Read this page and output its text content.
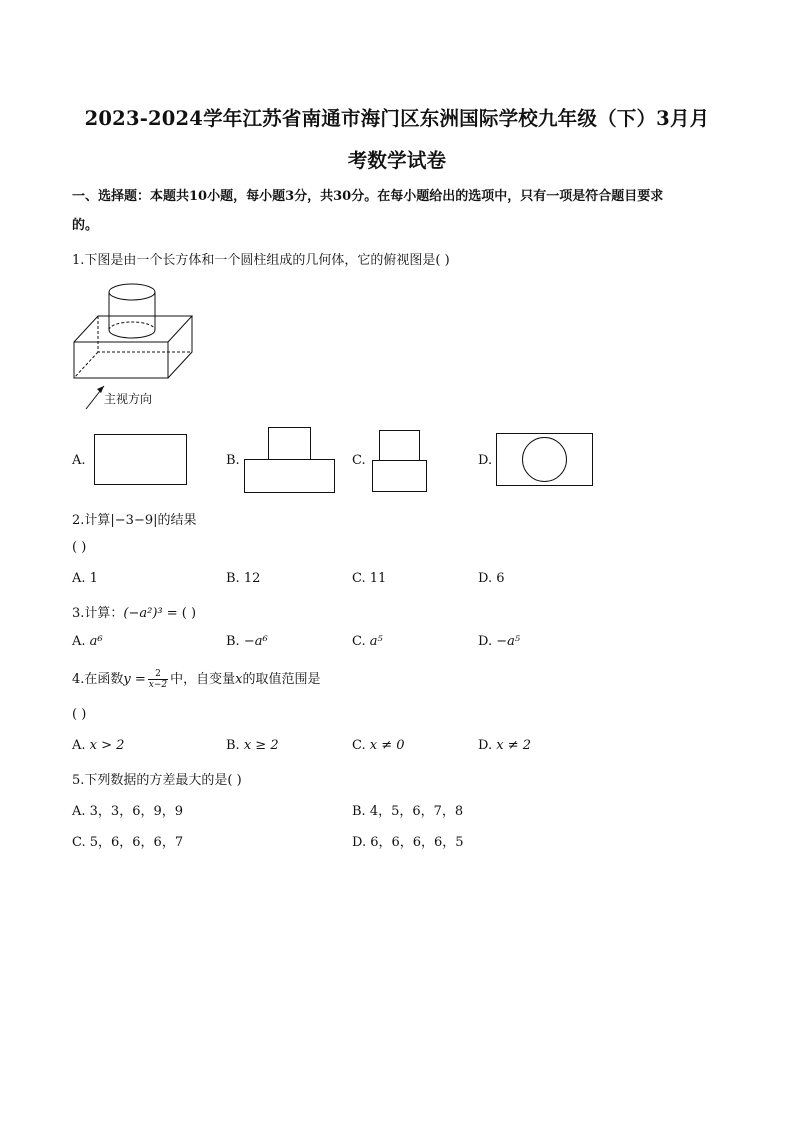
2023-2024学年江苏省南通市海门区东洲国际学校九年级（下）3月月
考数学试卷
一、选择题：本题共10小题，每小题3分，共30分。在每小题给出的选项中，只有一项是符合题目要求
的。
1.下图是由一个长方体和一个圆柱组成的几何体，它的俯视图是( )
主视方向
A.	B.	C.	D.
2.计算|−3−9|的结果
( )
A. 1	B. 12	C. 11	D. 6
3.计算：(−a²)³ = ( )
A. a⁶	B. −a⁶	C. a⁵	D. −a⁵
4.在函数$y = \frac{2}{x-2}$ 中，自变量x的取值范围是
( )
A. x > 2	B. x ≥ 2	C. x ≠ 0	D. x ≠ 2
5.下列数据的方差最大的是( )
A. 3，3，6，9，9	B. 4，5，6，7，8
C. 5，6，6，6，7	D. 6，6，6，6，5
